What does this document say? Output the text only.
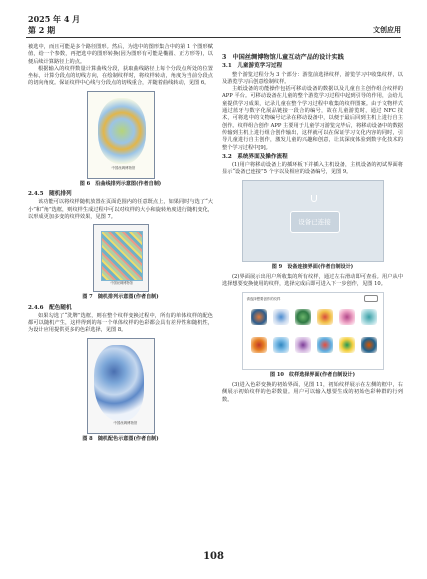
2025 年 4 月
第 2 期	文创应用

被选中，而且可能是多个路径图形。然后，为选中的图形集合中的第 1 个图形赋值，给一个参数，再把选中的图形转换(因为图形有可能是椭圆、正方形等)，以便后续计算路径上的点。

根据输入的纹样数量计算曲线分段，获取曲线路径上每个分段点所处的位置坐标，计算分段点的切线方向，在绘制纹样时，将纹样转动，角度为当前分段点的切向角度。保证纹样中心线与分段点的切线重合，并随着曲线转动，见图 6。

中国丝绸博物馆
图 6　沿曲线排列示意图(作者自制)
2.4.5　随机排列

该功能可以将纹样随机放置在页面范围内的任意既点上，如果同时与选了“大小”和“角”选框，则纹样生成过程中可以对纹样的大小和旋转角度进行随机变化，以形成更加多变的纹样效果，见图 7。

中国丝绸博物馆
图 7　随机排列示意图(作者自制)
2.4.6　配色随机

如果勾选了“洗牌”选框，则在整个纹样变换过程中，所有的单体纹样的配色都可以随机产生，这样得到的每一个单体纹样的色彩都会具有差异性和随机性，为设计应用提供更多的色彩选择，见图 8。

中国丝绸博物馆
图 8　随机配色示意图(作者自制)
3　中国丝绸博物馆儿童互动产品的设计实践
3.1　儿童游览学习过程

整个游览过程分为 3 个部分：游览前选择纹样，游览学习中收集纹样，以及游览学习后创意绘制纹样。

主纸设备的功能操作包括可移动设备的数据以及儿童自主创作组合纹样的 APP 平台。可移动设备在儿童的整个游览学习过程中起到引导的作用，会给儿童提供学习成果，记录儿童在整个学习过程中收集的纹样图案。由于文物样式通过蓝牙与数字化展品链接一段合的编号，故在儿童游览时，通过 NFC 技术，可将选中的文物编号记录在移动设备中，以便于最后回到主机上进行自主创作。纹样组合创作 APP 主要用于儿童学习游览完毕后，将移动设备中的数据传输到主机上进行组合创作输出，这样就可以在保证学习文化内容的同时，引导儿童进行自主创作，激发儿童的兴趣和创意，让其深度体验到数字化技术的整个学习过程中[9]。

3.2　系统界面及操作流程

(1)用户将移动设备上的插环板下并插入主机设备，主机设备的初试界面将显示“设备已连接”5 个字以及相应的设备编号，见图 9。

设备已连接
图 9　设备连接界面(作者自制设计)

(2)界面展示出用户所收集的所有纹样，通过左右滑动即可查看。用户从中选择想要变换使用的纹样，选择完成后即可进入下一步创作，见图 10。

请选择想要创作的纹样
图 10　纹样选择界面(作者自制设计)

(3)进入色彩变换的初始界面，见图 11，初始纹样展示在左侧的框中，右侧展示初始纹样的色彩数量。用户可以输入想要生成的初始色彩种群的行列数。

108
